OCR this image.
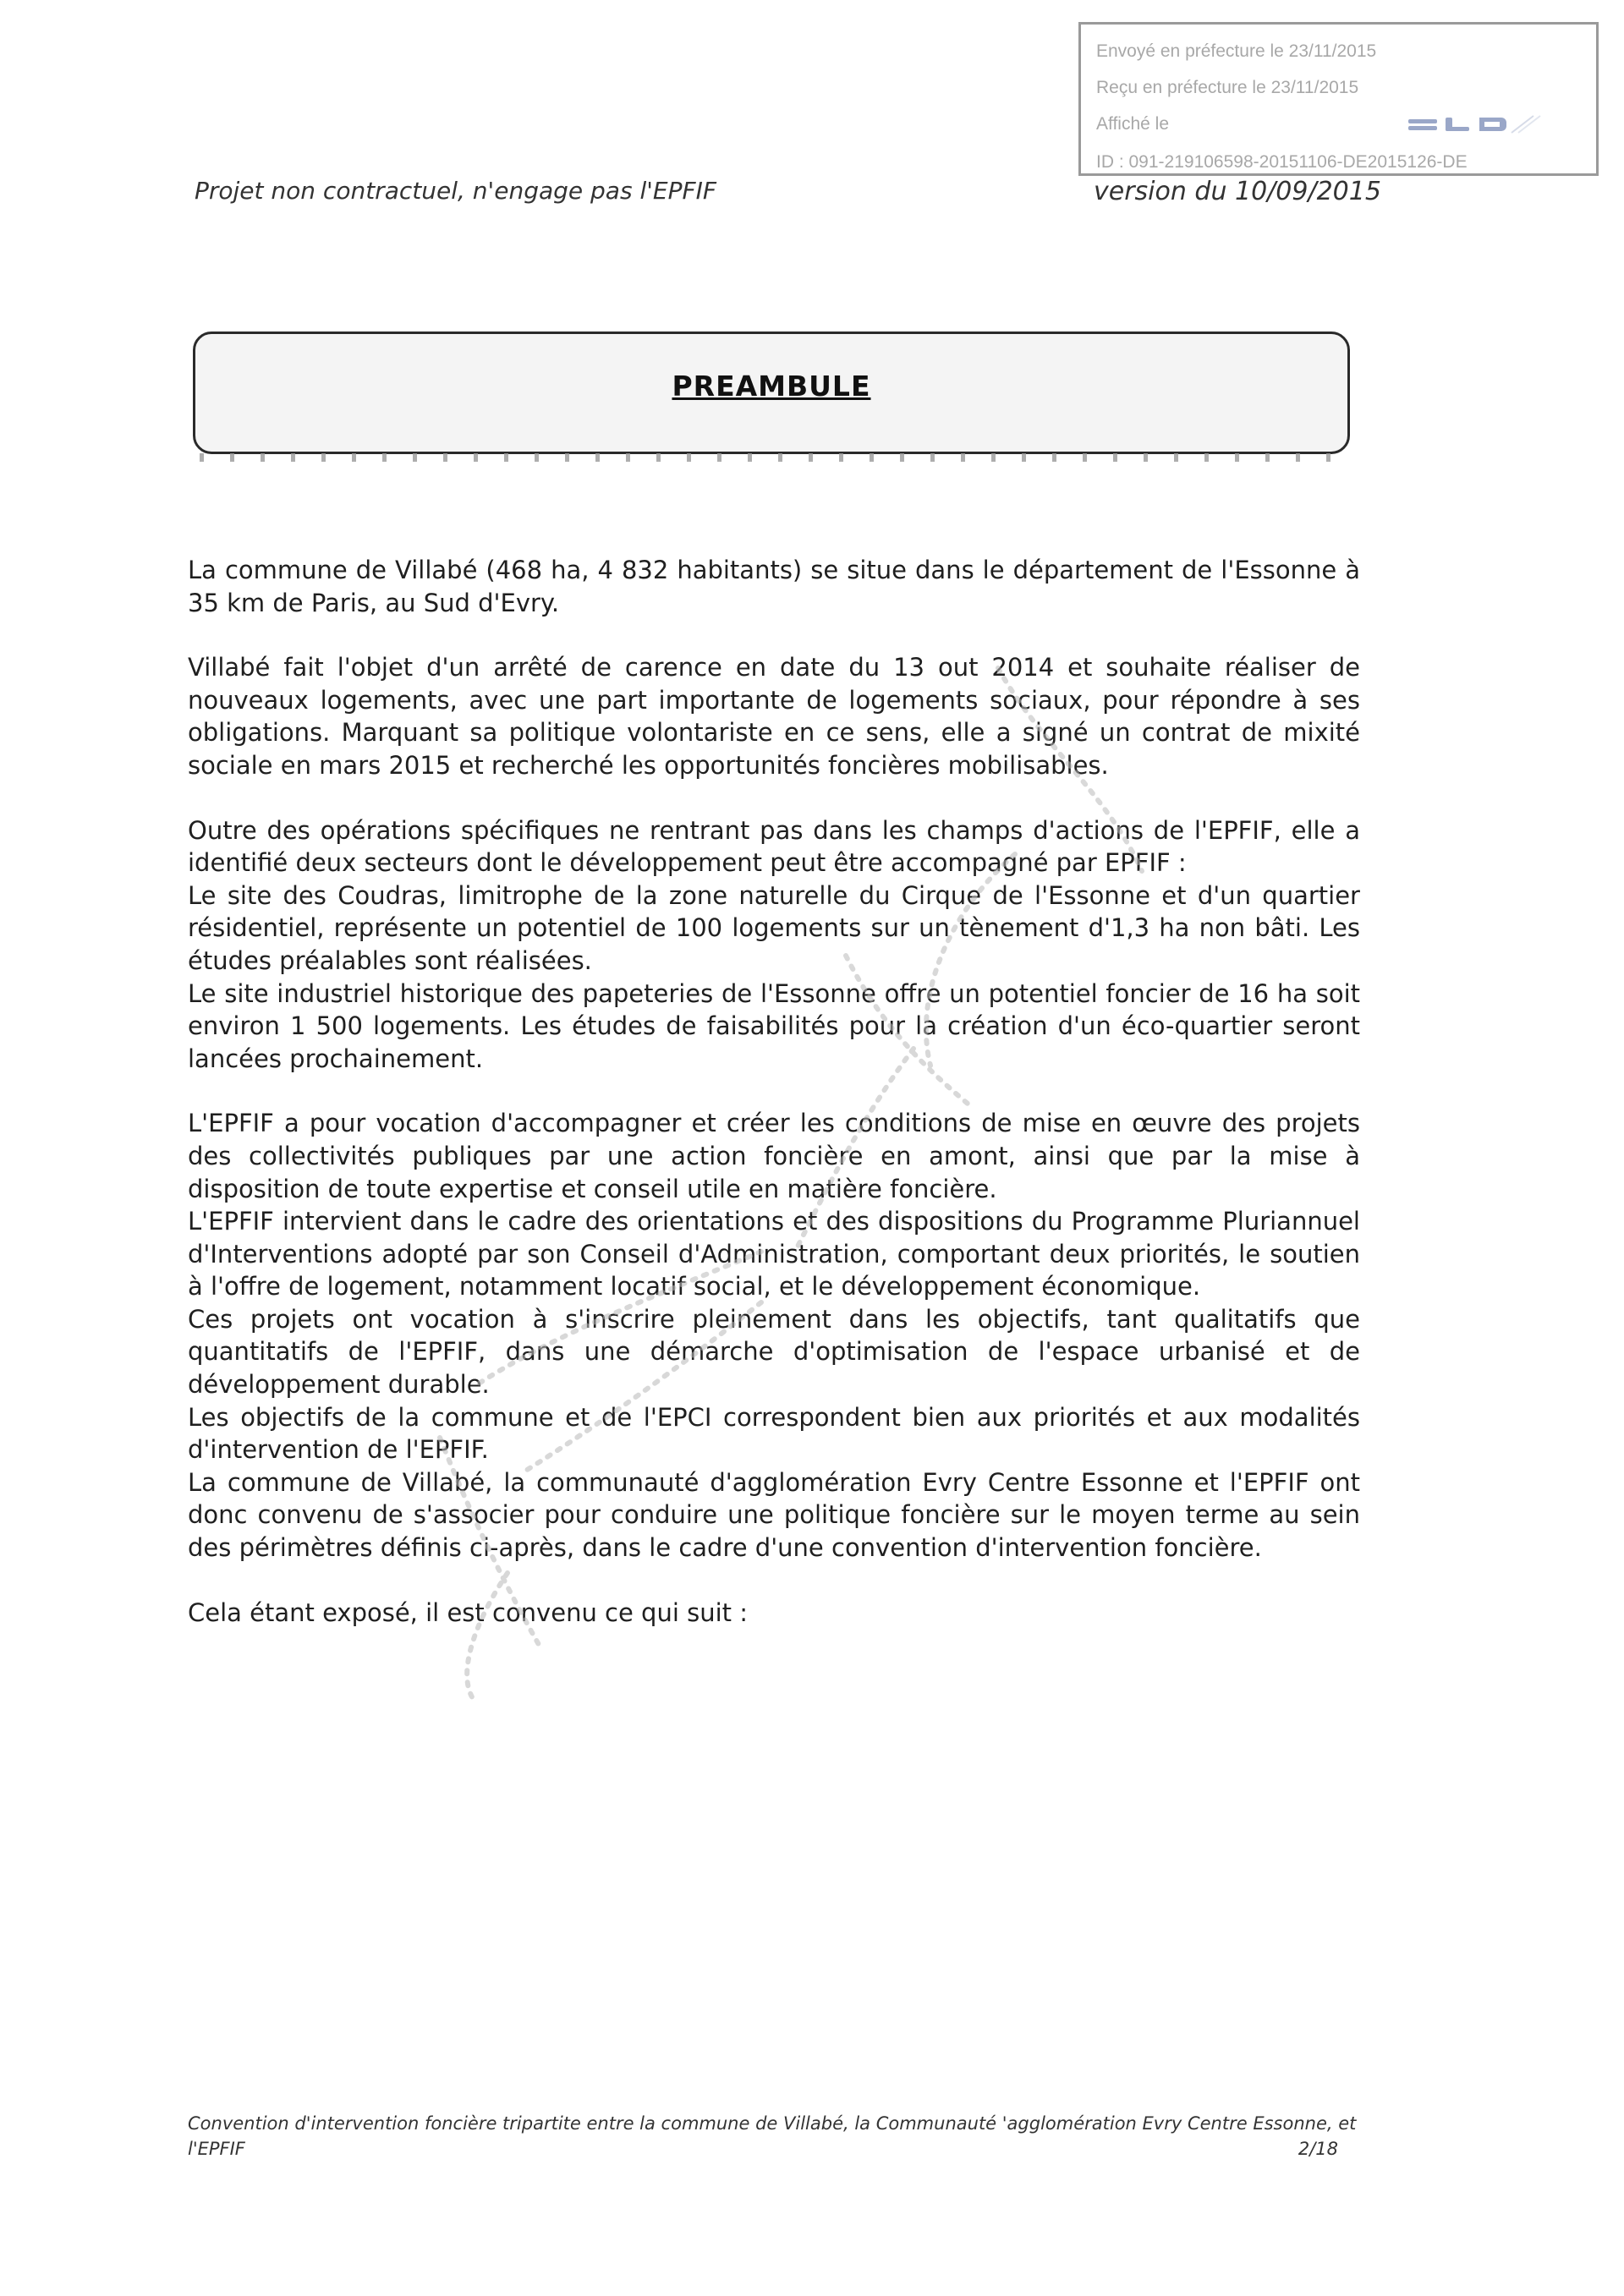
Envoyé en préfecture le 23/11/2015
Reçu en préfecture le 23/11/2015
Affiché le
ID : 091-219106598-20151106-DE2015126-DE
Projet non contractuel, n'engage pas l'EPFIF	version du 10/09/2015
PREAMBULE

La commune de Villabé (468 ha, 4 832 habitants) se situe dans le département de l'Essonne à 35 km de Paris, au Sud d'Evry.

Villabé fait l'objet d'un arrêté de carence en date du 13 out 2014 et souhaite réaliser de nouveaux logements, avec une part importante de logements sociaux, pour répondre à ses obligations. Marquant sa politique volontariste en ce sens, elle a signé un contrat de mixité sociale en mars 2015 et recherché les opportunités foncières mobilisables.

Outre des opérations spécifiques ne rentrant pas dans les champs d'actions de l'EPFIF, elle a identifié deux secteurs dont le développement peut être accompagné par EPFIF :

Le site des Coudras, limitrophe de la zone naturelle du Cirque de l'Essonne et d'un quartier résidentiel, représente un potentiel de 100 logements sur un tènement d'1,3 ha non bâti. Les études préalables sont réalisées.

Le site industriel historique des papeteries de l'Essonne offre un potentiel foncier de 16 ha soit environ 1 500 logements. Les études de faisabilités pour la création d'un éco-quartier seront lancées prochainement.

L'EPFIF a pour vocation d'accompagner et créer les conditions de mise en œuvre des projets des collectivités publiques par une action foncière en amont, ainsi que par la mise à disposition de toute expertise et conseil utile en matière foncière.

L'EPFIF intervient dans le cadre des orientations et des dispositions du Programme Pluriannuel d'Interventions adopté par son Conseil d'Administration, comportant deux priorités, le soutien à l'offre de logement, notamment locatif social, et le développement économique.

Ces projets ont vocation à s'inscrire pleinement dans les objectifs, tant qualitatifs que quantitatifs de l'EPFIF, dans une démarche d'optimisation de l'espace urbanisé et de développement durable.

Les objectifs de la commune et de l'EPCI correspondent bien aux priorités et aux modalités d'intervention de l'EPFIF.

La commune de Villabé, la communauté d'agglomération Evry Centre Essonne et l'EPFIF ont donc convenu de s'associer pour conduire une politique foncière sur le moyen terme au sein des périmètres définis ci-après, dans le cadre d'une convention d'intervention foncière.

Cela étant exposé, il est convenu ce qui suit :

Convention d'intervention foncière tripartite entre la commune de Villabé, la Communauté 'agglomération Evry Centre Essonne, et
l'EPFIF	2/18
